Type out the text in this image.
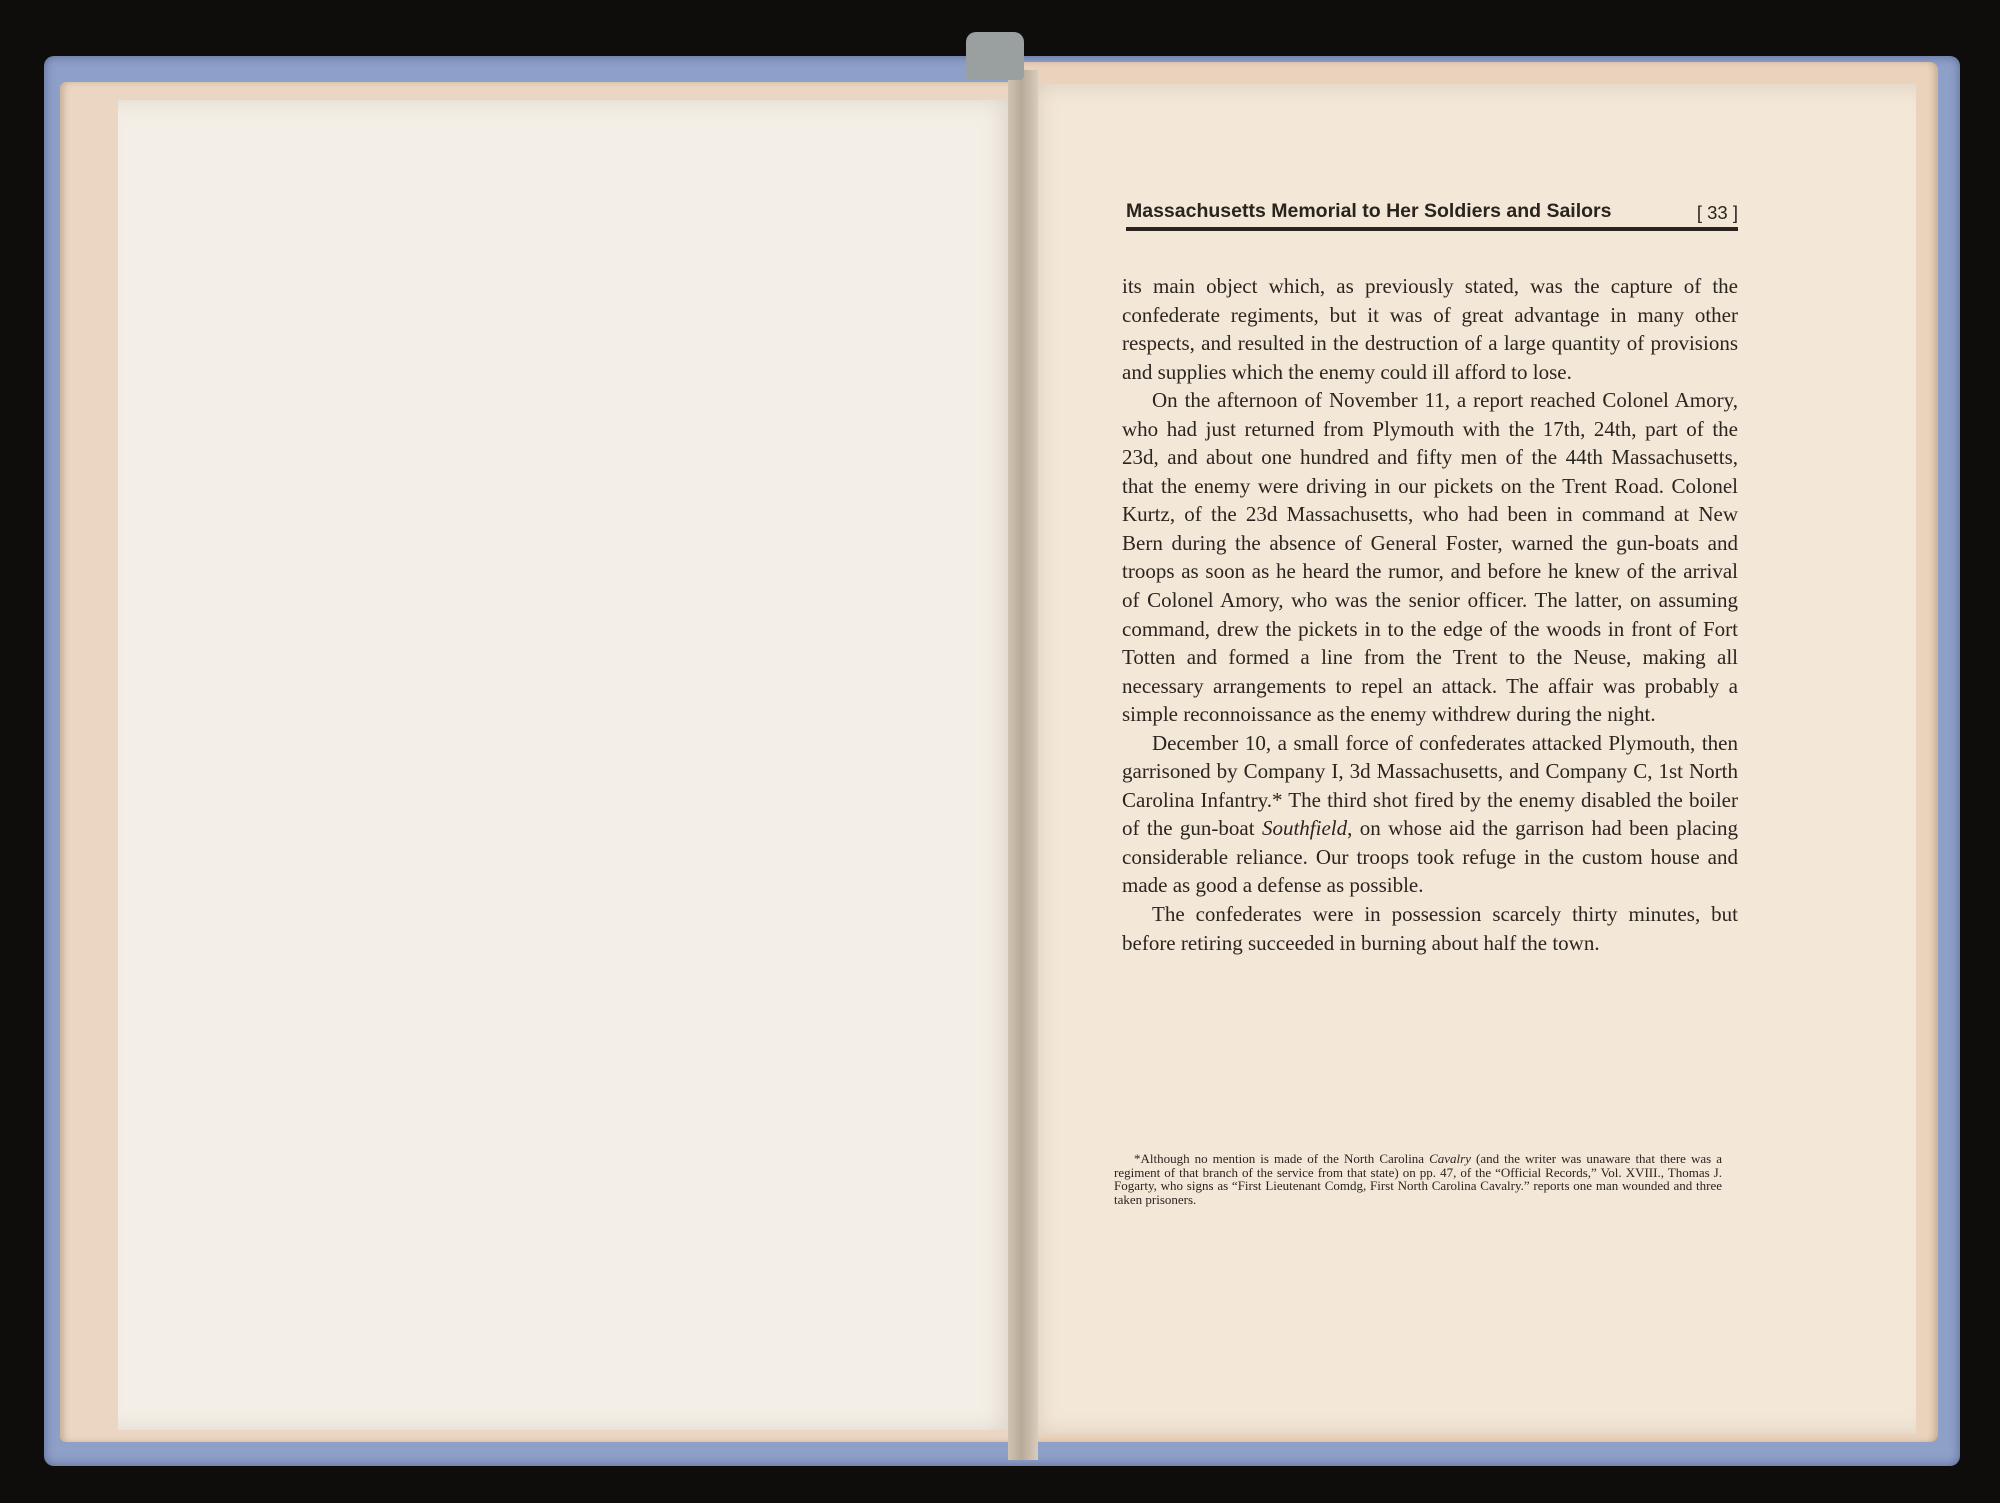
Massachusetts Memorial to Her Soldiers and Sailors	[ 33 ]

its main object which, as previously stated, was the capture of the confederate regiments, but it was of great advantage in many other respects, and resulted in the destruction of a large quantity of provisions and supplies which the enemy could ill afford to lose.

On the afternoon of November 11, a report reached Colonel Amory, who had just returned from Plymouth with the 17th, 24th, part of the 23d, and about one hundred and fifty men of the 44th Massachusetts, that the enemy were driving in our pickets on the Trent Road. Colonel Kurtz, of the 23d Massachusetts, who had been in command at New Bern during the absence of General Foster, warned the gun-boats and troops as soon as he heard the rumor, and before he knew of the arrival of Colonel Amory, who was the senior officer. The latter, on assuming command, drew the pickets in to the edge of the woods in front of Fort Totten and formed a line from the Trent to the Neuse, making all necessary arrangements to repel an attack. The affair was probably a simple reconnoissance as the enemy withdrew during the night.

December 10, a small force of confederates attacked Plymouth, then garrisoned by Company I, 3d Massachusetts, and Company C, 1st North Carolina Infantry.* The third shot fired by the enemy disabled the boiler of the gun-boat Southfield, on whose aid the garrison had been placing considerable reliance. Our troops took refuge in the custom house and made as good a defense as possible.

The confederates were in possession scarcely thirty minutes, but before retiring succeeded in burning about half the town.

*Although no mention is made of the North Carolina Cavalry (and the writer was unaware that there was a regiment of that branch of the service from that state) on pp. 47, of the “Official Records,” Vol. XVIII., Thomas J. Fogarty, who signs as “First Lieutenant Comdg, First North Carolina Cavalry.” reports one man wounded and three taken prisoners.
